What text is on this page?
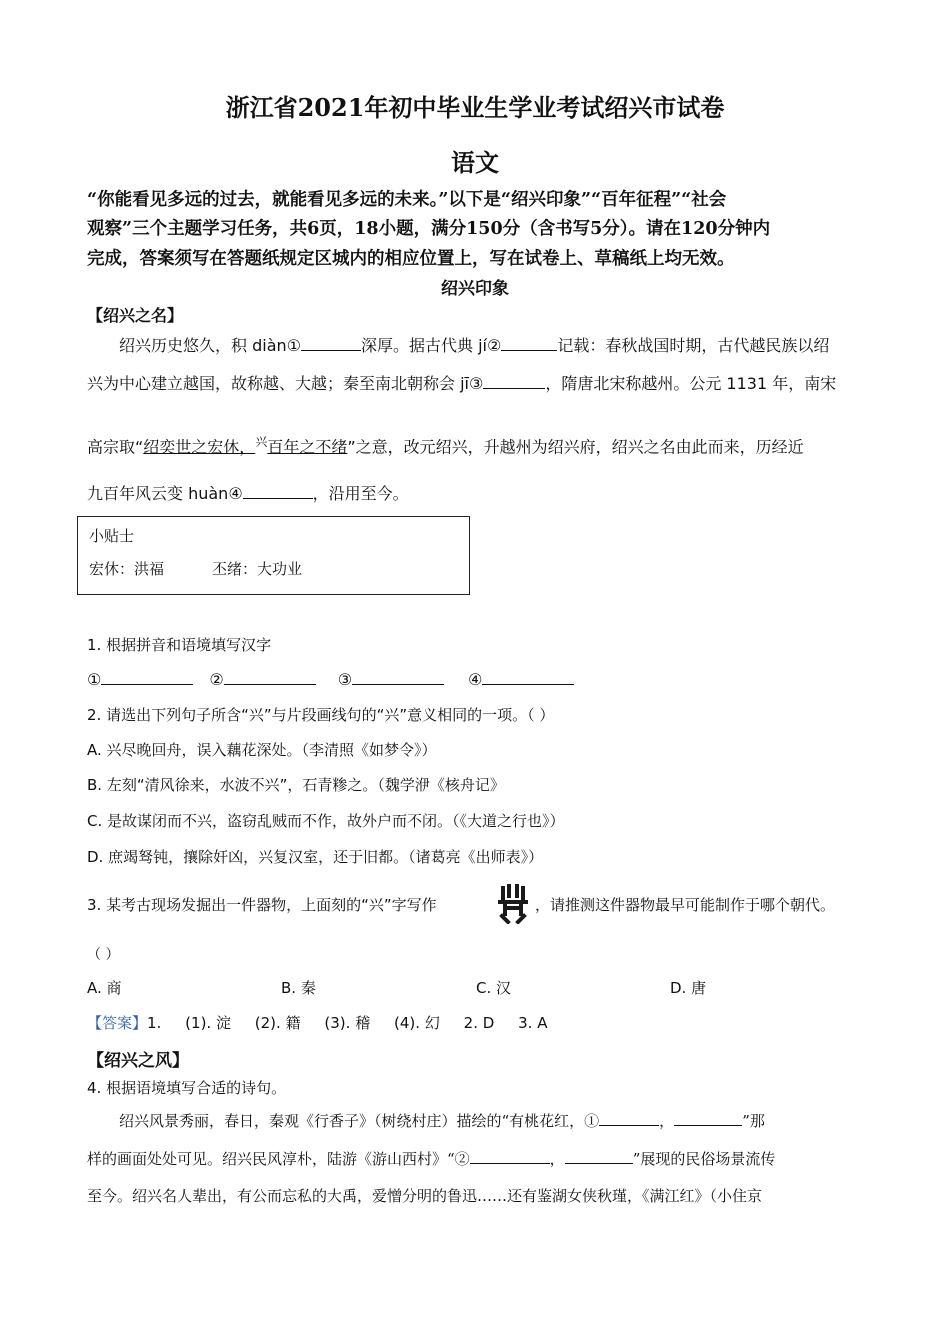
浙江省2021年初中毕业生学业考试绍兴市试卷
语文
“你能看见多远的过去，就能看见多远的未来。”以下是“绍兴印象”“百年征程”“社会
观察”三个主题学习任务，共6页，18小题，满分150分（含书写5分）。请在120分钟内
完成，答案须写在答题纸规定区城内的相应位置上，写在试卷上、草稿纸上均无效。
绍兴印象
【绍兴之名】
绍兴历史悠久，积 diàn①	深厚。据古代典 jí②	记载：春秋战国时期，古代越民族以绍
兴为中心建立越国，故称越、大越；秦至南北朝称会 jī③	，隋唐北宋称越州。公元 1131 年，南宋
高宗取“绍奕世之宏休，$^兴$百年之不绪”之意，改元绍兴，升越州为绍兴府，绍兴之名由此而来，历经近
九百年风云变 huàn④	，沿用至今。
小贴士
宏休：洪福	丕绪：大功业
1. 根据拼音和语境填写汉字
①	②	③	④
2. 请选出下列句子所含“兴”与片段画线句的“兴”意义相同的一项。（ ）
A. 兴尽晚回舟，误入藕花深处。（李清照《如梦令》）
B. 左刻“清风徐来，水波不兴”，石青糁之。（魏学洢《核舟记》
C. 是故谋闭而不兴，盗窃乱贼而不作，故外户而不闭。（《大道之行也》）
D. 庶竭驽钝，攘除奸凶，兴复汉室，还于旧都。（诸葛亮《出师表》）
3. 某考古现场发掘出一件器物，上面刻的“兴”字写作	，请推测这件器物最早可能制作于哪个朝代。
（ ）
A. 商	B. 秦	C. 汉	D. 唐
【答案】1.     (1). 淀     (2). 籍     (3). 稽     (4). 幻     2. D     3. A
【绍兴之风】
4. 根据语境填写合适的诗句。
绍兴风景秀丽，春日，秦观《行香子》（树绕村庄）描绘的“有桃花红，①	，	”那
样的画面处处可见。绍兴民风淳朴，陆游《游山西村》“②	，	”展现的民俗场景流传
至今。绍兴名人辈出，有公而忘私的大禹，爱憎分明的鲁迅……还有鉴湖女侠秋瑾，《满江红》（小住京
